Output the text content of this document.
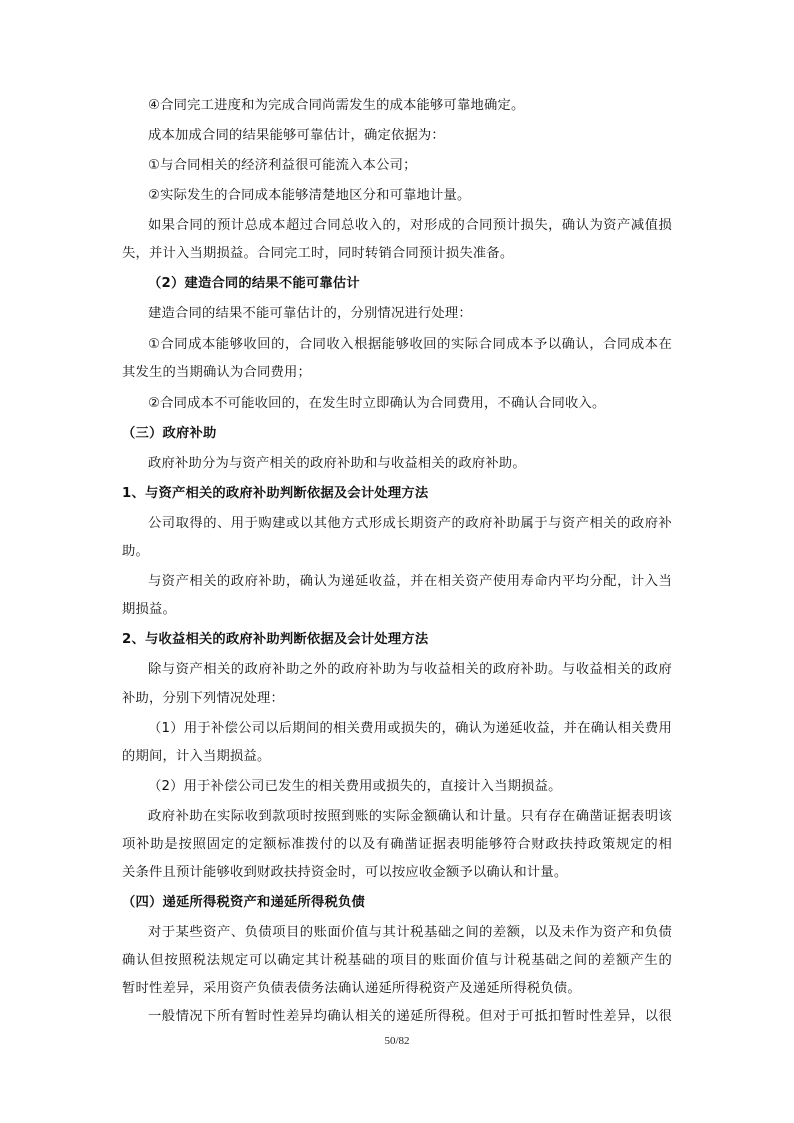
④合同完工进度和为完成合同尚需发生的成本能够可靠地确定。
成本加成合同的结果能够可靠估计，确定依据为：
①与合同相关的经济利益很可能流入本公司；
②实际发生的合同成本能够清楚地区分和可靠地计量。
如果合同的预计总成本超过合同总收入的，对形成的合同预计损失，确认为资产减值损
失，并计入当期损益。合同完工时，同时转销合同预计损失准备。
（2）建造合同的结果不能可靠估计
建造合同的结果不能可靠估计的，分别情况进行处理：
①合同成本能够收回的，合同收入根据能够收回的实际合同成本予以确认，合同成本在
其发生的当期确认为合同费用；
②合同成本不可能收回的，在发生时立即确认为合同费用，不确认合同收入。
（三）政府补助
政府补助分为与资产相关的政府补助和与收益相关的政府补助。
1、与资产相关的政府补助判断依据及会计处理方法
公司取得的、用于购建或以其他方式形成长期资产的政府补助属于与资产相关的政府补
助。
与资产相关的政府补助，确认为递延收益，并在相关资产使用寿命内平均分配，计入当
期损益。
2、与收益相关的政府补助判断依据及会计处理方法
除与资产相关的政府补助之外的政府补助为与收益相关的政府补助。与收益相关的政府
补助，分别下列情况处理：
（1）用于补偿公司以后期间的相关费用或损失的，确认为递延收益，并在确认相关费用
的期间，计入当期损益。
（2）用于补偿公司已发生的相关费用或损失的，直接计入当期损益。
政府补助在实际收到款项时按照到账的实际金额确认和计量。只有存在确凿证据表明该
项补助是按照固定的定额标准拨付的以及有确凿证据表明能够符合财政扶持政策规定的相
关条件且预计能够收到财政扶持资金时，可以按应收金额予以确认和计量。
（四）递延所得税资产和递延所得税负债
对于某些资产、负债项目的账面价值与其计税基础之间的差额，以及未作为资产和负债
确认但按照税法规定可以确定其计税基础的项目的账面价值与计税基础之间的差额产生的
暂时性差异，采用资产负债表债务法确认递延所得税资产及递延所得税负债。
一般情况下所有暂时性差异均确认相关的递延所得税。但对于可抵扣暂时性差异，以很
50/82
